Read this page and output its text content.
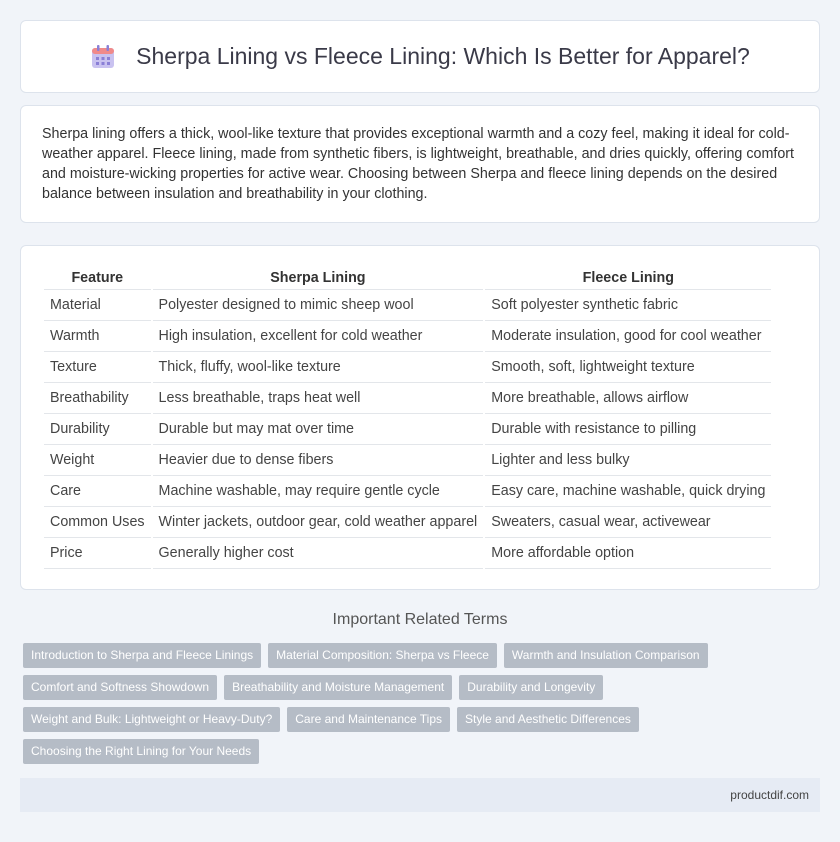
Sherpa Lining vs Fleece Lining: Which Is Better for Apparel?

Sherpa lining offers a thick, wool-like texture that provides exceptional warmth and a cozy feel, making it ideal for cold-weather apparel. Fleece lining, made from synthetic fibers, is lightweight, breathable, and dries quickly, offering comfort and moisture-wicking properties for active wear. Choosing between Sherpa and fleece lining depends on the desired balance between insulation and breathability in your clothing.

Feature	Sherpa Lining	Fleece Lining
Material	Polyester designed to mimic sheep wool	Soft polyester synthetic fabric
Warmth	High insulation, excellent for cold weather	Moderate insulation, good for cool weather
Texture	Thick, fluffy, wool-like texture	Smooth, soft, lightweight texture
Breathability	Less breathable, traps heat well	More breathable, allows airflow
Durability	Durable but may mat over time	Durable with resistance to pilling
Weight	Heavier due to dense fibers	Lighter and less bulky
Care	Machine washable, may require gentle cycle	Easy care, machine washable, quick drying
Common Uses	Winter jackets, outdoor gear, cold weather apparel	Sweaters, casual wear, activewear
Price	Generally higher cost	More affordable option
Important Related Terms
Introduction to Sherpa and Fleece Linings	Material Composition: Sherpa vs Fleece	Warmth and Insulation Comparison
Comfort and Softness Showdown	Breathability and Moisture Management	Durability and Longevity
Weight and Bulk: Lightweight or Heavy-Duty?	Care and Maintenance Tips	Style and Aesthetic Differences
Choosing the Right Lining for Your Needs
productdif.com
